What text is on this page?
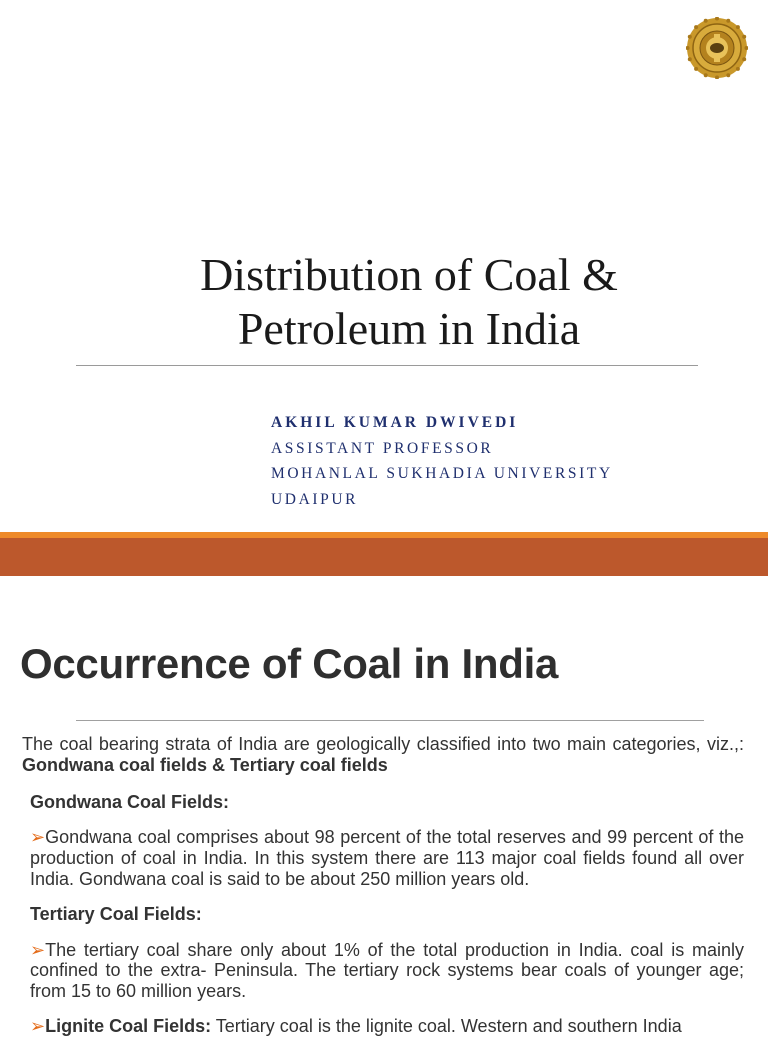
Distribution of Coal &
Petroleum in India
AKHIL KUMAR DWIVEDI
ASSISTANT PROFESSOR
MOHANLAL SUKHADIA UNIVERSITY
UDAIPUR
Occurrence of Coal in India
The coal bearing strata of India are geologically classified into two main categories, viz.,: Gondwana coal fields & Tertiary coal fields
Gondwana Coal Fields:
➢Gondwana coal comprises about 98 percent of the total reserves and 99 percent of the production of coal in India. In this system there are 113 major coal fields found all over India. Gondwana coal is said to be about 250 million years old.
Tertiary Coal Fields:
➢The tertiary coal share only about 1% of the total production in India. coal is mainly confined to the extra- Peninsula. The tertiary rock systems bear coals of younger age; from 15 to 60 million years.
➢Lignite Coal Fields: Tertiary coal is the lignite coal. Western and southern India
